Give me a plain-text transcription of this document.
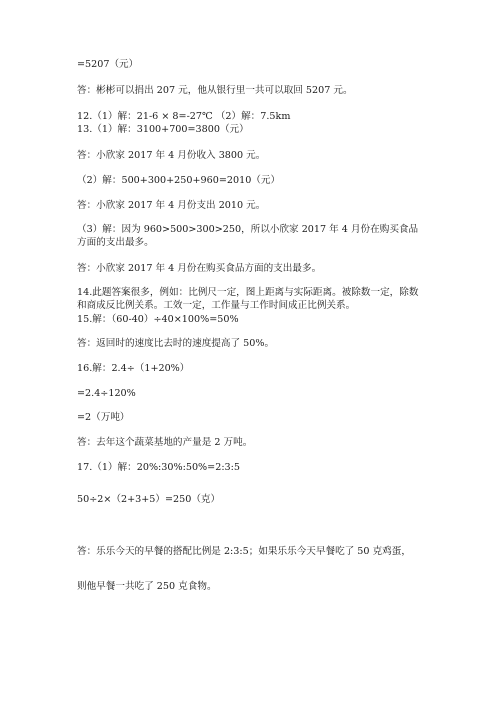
=5207（元）
答：彬彬可以捐出 207 元，他从银行里一共可以取回 5207 元。
12.（1）解：21-6 × 8=-27℃ （2）解：7.5km
13.（1）解：3100+700=3800（元）
答：小欣家 2017 年 4 月份收入 3800 元。
（2）解：500+300+250+960=2010（元）
答：小欣家 2017 年 4 月份支出 2010 元。
（3）解：因为 960>500>300>250，所以小欣家 2017 年 4 月份在购买食品方面的支出最多。
答：小欣家 2017 年 4 月份在购买食品方面的支出最多。
14.此题答案很多，例如：比例尺一定，图上距离与实际距离。被除数一定，除数和商成反比例关系。工效一定，工作量与工作时间成正比例关系。
15.解：（60-40）÷40×100%=50%
答：返回时的速度比去时的速度提高了 50%。
16.解：2.4÷（1+20%）
=2.4÷120%
=2（万吨）
答：去年这个蔬菜基地的产量是 2 万吨。
17.（1）解：20%:30%:50%=2:3:5
50÷2×（2+3+5）=250（克）
答：乐乐今天的早餐的搭配比例是 2:3:5；如果乐乐今天早餐吃了 50 克鸡蛋，
则他早餐一共吃了 250 克食物。
